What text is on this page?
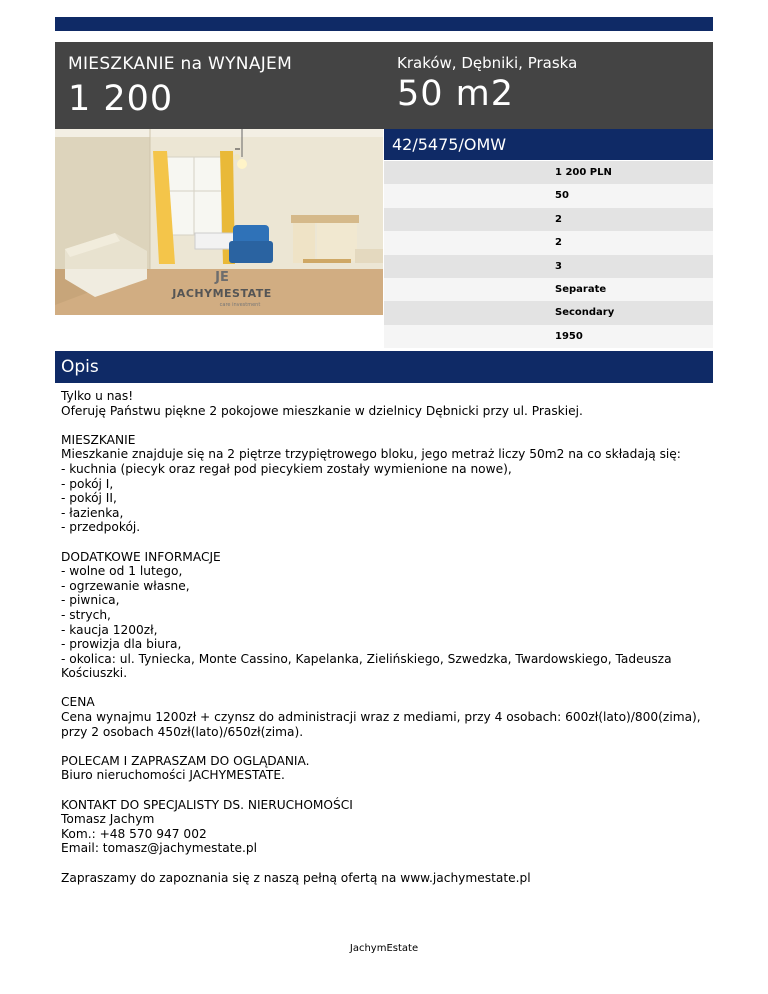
MIESZKANIE na WYNAJEM
1 200
Kraków, Dębniki, Praska
50 m2
JE
JACHYMESTATE
care investment
42/5475/OMW
1 200 PLN
50
2
2
3
Separate
Secondary
1950
Opis
Tylko u nas!
Oferuję Państwu piękne 2 pokojowe mieszkanie w dzielnicy Dębnicki przy ul. Praskiej.

MIESZKANIE
Mieszkanie znajduje się na 2 piętrze trzypiętrowego bloku, jego metraż liczy 50m2 na co składają się:
- kuchnia (piecyk oraz regał pod piecykiem zostały wymienione na nowe),
- pokój I,
- pokój II,
- łazienka,
- przedpokój.

DODATKOWE INFORMACJE
- wolne od 1 lutego,
- ogrzewanie własne,
- piwnica,
- strych,
- kaucja 1200zł,
- prowizja dla biura,
- okolica: ul. Tyniecka, Monte Cassino, Kapelanka, Zielińskiego, Szwedzka, Twardowskiego, Tadeusza Kościuszki.

CENA
Cena wynajmu 1200zł + czynsz do administracji wraz z mediami, przy 4 osobach: 600zł(lato)/800(zima), przy 2 osobach 450zł(lato)/650zł(zima).

POLECAM I ZAPRASZAM DO OGLĄDANIA.
Biuro nieruchomości JACHYMESTATE.

KONTAKT DO SPECJALISTY DS. NIERUCHOMOŚCI
Tomasz Jachym
Kom.: +48 570 947 002
Email: tomasz@jachymestate.pl

Zapraszamy do zapoznania się z naszą pełną ofertą na www.jachymestate.pl
JachymEstate
